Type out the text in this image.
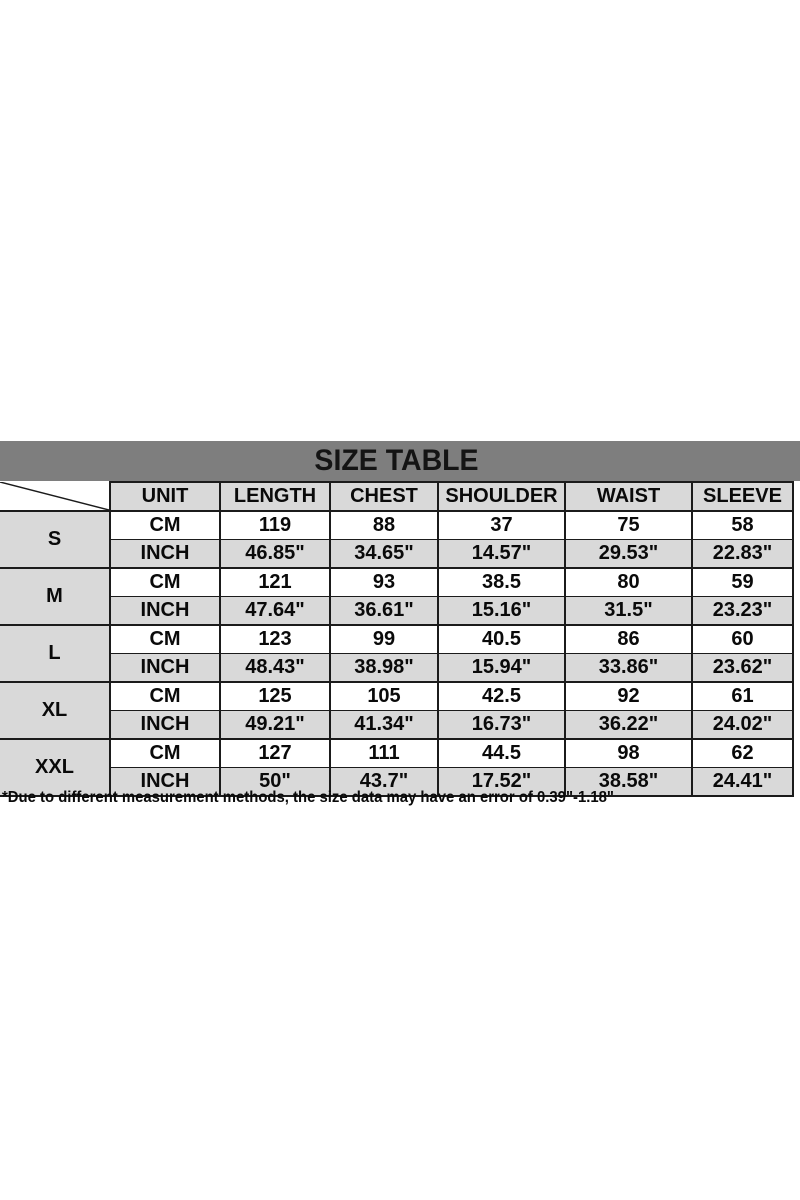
SIZE TABLE
	UNIT	LENGTH	CHEST	SHOULDER	WAIST	SLEEVE
S	CM	119	88	37	75	58
	INCH	46.85"	34.65"	14.57"	29.53"	22.83"
M	CM	121	93	38.5	80	59
	INCH	47.64"	36.61"	15.16"	31.5"	23.23"
L	CM	123	99	40.5	86	60
	INCH	48.43"	38.98"	15.94"	33.86"	23.62"
XL	CM	125	105	42.5	92	61
	INCH	49.21"	41.34"	16.73"	36.22"	24.02"
XXL	CM	127	111	44.5	98	62
	INCH	50"	43.7"	17.52"	38.58"	24.41"
*Due to different measurement methods, the size data may have an error of 0.39"-1.18"
